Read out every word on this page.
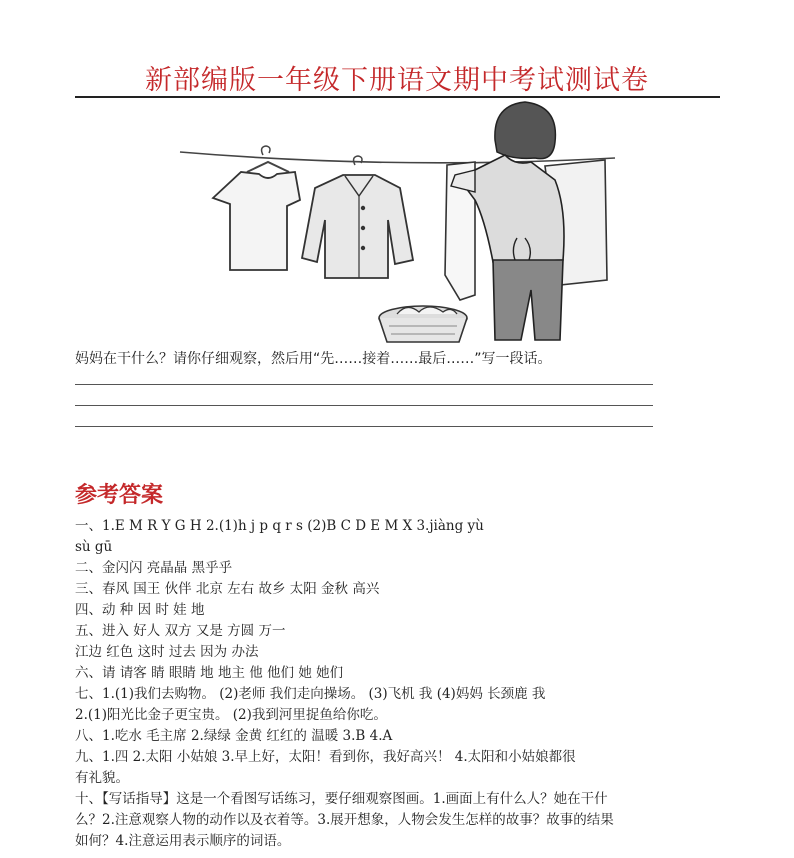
新部编版一年级下册语文期中考试测试卷
妈妈在干什么？请你仔细观察，然后用“先……接着……最后……”写一段话。
参考答案
一、1.E M R Y G H 2.(1)h j p q r s (2)B C D E M X 3.jiàng yù
sù gū
二、金闪闪 亮晶晶 黑乎乎
三、春风 国王 伙伴 北京 左右 故乡 太阳 金秋 高兴
四、动 种 因 时 娃 地
五、进入 好人 双方 又是 方圆 万一
江边 红色 这时 过去 因为 办法
六、请 请客 睛 眼睛 地 地主 他 他们 她 她们
七、1.(1)我们去购物。 (2)老师 我们走向操场。 (3)飞机 我 (4)妈妈 长颈鹿 我
2.(1)阳光比金子更宝贵。 (2)我到河里捉鱼给你吃。
八、1.吃水 毛主席 2.绿绿 金黄 红红的 温暖 3.B 4.A
九、1.四 2.太阳 小姑娘 3.早上好，太阳！看到你，我好高兴！ 4.太阳和小姑娘都很
有礼貌。
十、【写话指导】这是一个看图写话练习，要仔细观察图画。1.画面上有什么人？她在干什
么？2.注意观察人物的动作以及衣着等。3.展开想象，人物会发生怎样的故事？故事的结果
如何？4.注意运用表示顺序的词语。
